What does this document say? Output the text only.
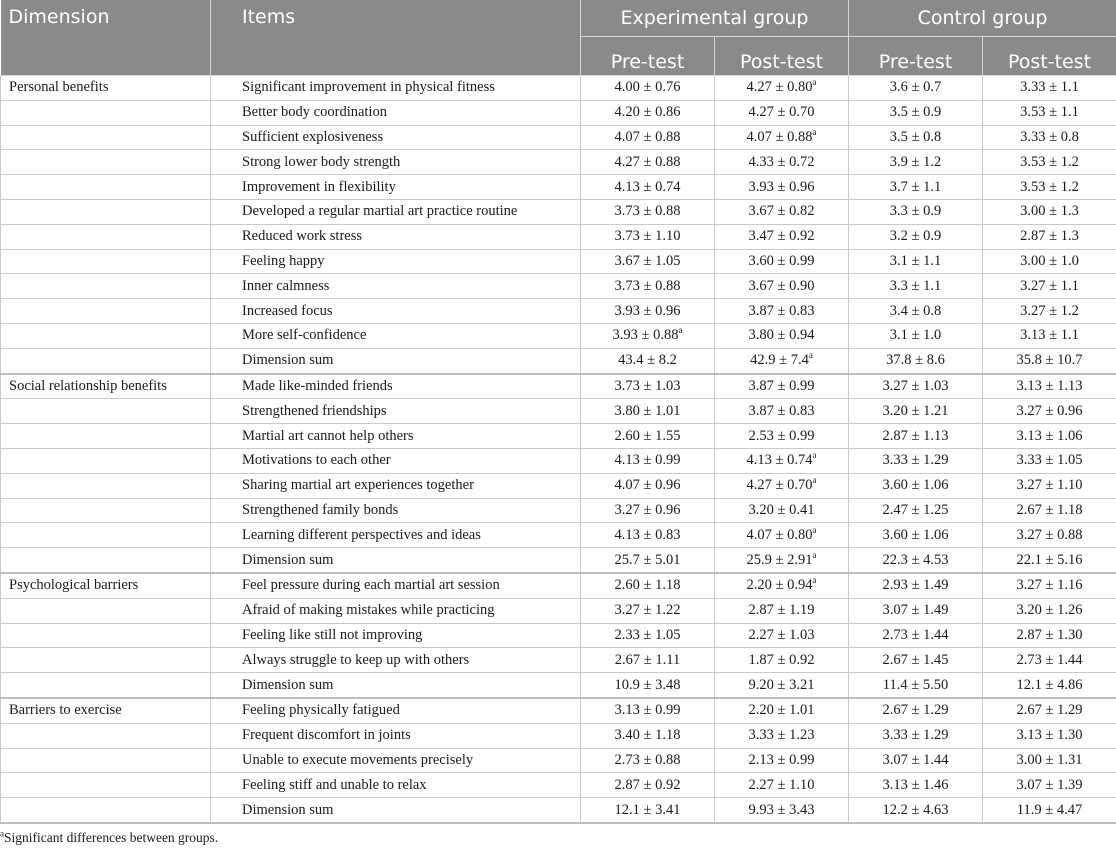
Dimension	Items	Experimental group		Control group	
		Pre-test	Post-test	Pre-test	Post-test
Personal benefits	Significant improvement in physical fitness	4.00 ± 0.76	4.27 ± 0.80$^a$	3.6 ± 0.7	3.33 ± 1.1
	Better body coordination	4.20 ± 0.86	4.27 ± 0.70	3.5 ± 0.9	3.53 ± 1.1
	Sufficient explosiveness	4.07 ± 0.88	4.07 ± 0.88$^a$	3.5 ± 0.8	3.33 ± 0.8
	Strong lower body strength	4.27 ± 0.88	4.33 ± 0.72	3.9 ± 1.2	3.53 ± 1.2
	Improvement in flexibility	4.13 ± 0.74	3.93 ± 0.96	3.7 ± 1.1	3.53 ± 1.2
	Developed a regular martial art practice routine	3.73 ± 0.88	3.67 ± 0.82	3.3 ± 0.9	3.00 ± 1.3
	Reduced work stress	3.73 ± 1.10	3.47 ± 0.92	3.2 ± 0.9	2.87 ± 1.3
	Feeling happy	3.67 ± 1.05	3.60 ± 0.99	3.1 ± 1.1	3.00 ± 1.0
	Inner calmness	3.73 ± 0.88	3.67 ± 0.90	3.3 ± 1.1	3.27 ± 1.1
	Increased focus	3.93 ± 0.96	3.87 ± 0.83	3.4 ± 0.8	3.27 ± 1.2
	More self-confidence	3.93 ± 0.88$^a$	3.80 ± 0.94	3.1 ± 1.0	3.13 ± 1.1
	Dimension sum	43.4 ± 8.2	42.9 ± 7.4$^a$	37.8 ± 8.6	35.8 ± 10.7
Social relationship benefits	Made like-minded friends	3.73 ± 1.03	3.87 ± 0.99	3.27 ± 1.03	3.13 ± 1.13
	Strengthened friendships	3.80 ± 1.01	3.87 ± 0.83	3.20 ± 1.21	3.27 ± 0.96
	Martial art cannot help others	2.60 ± 1.55	2.53 ± 0.99	2.87 ± 1.13	3.13 ± 1.06
	Motivations to each other	4.13 ± 0.99	4.13 ± 0.74$^a$	3.33 ± 1.29	3.33 ± 1.05
	Sharing martial art experiences together	4.07 ± 0.96	4.27 ± 0.70$^a$	3.60 ± 1.06	3.27 ± 1.10
	Strengthened family bonds	3.27 ± 0.96	3.20 ± 0.41	2.47 ± 1.25	2.67 ± 1.18
	Learning different perspectives and ideas	4.13 ± 0.83	4.07 ± 0.80$^a$	3.60 ± 1.06	3.27 ± 0.88
	Dimension sum	25.7 ± 5.01	25.9 ± 2.91$^a$	22.3 ± 4.53	22.1 ± 5.16
Psychological barriers	Feel pressure during each martial art session	2.60 ± 1.18	2.20 ± 0.94$^a$	2.93 ± 1.49	3.27 ± 1.16
	Afraid of making mistakes while practicing	3.27 ± 1.22	2.87 ± 1.19	3.07 ± 1.49	3.20 ± 1.26
	Feeling like still not improving	2.33 ± 1.05	2.27 ± 1.03	2.73 ± 1.44	2.87 ± 1.30
	Always struggle to keep up with others	2.67 ± 1.11	1.87 ± 0.92	2.67 ± 1.45	2.73 ± 1.44
	Dimension sum	10.9 ± 3.48	9.20 ± 3.21	11.4 ± 5.50	12.1 ± 4.86
Barriers to exercise	Feeling physically fatigued	3.13 ± 0.99	2.20 ± 1.01	2.67 ± 1.29	2.67 ± 1.29
	Frequent discomfort in joints	3.40 ± 1.18	3.33 ± 1.23	3.33 ± 1.29	3.13 ± 1.30
	Unable to execute movements precisely	2.73 ± 0.88	2.13 ± 0.99	3.07 ± 1.44	3.00 ± 1.31
	Feeling stiff and unable to relax	2.87 ± 0.92	2.27 ± 1.10	3.13 ± 1.46	3.07 ± 1.39
	Dimension sum	12.1 ± 3.41	9.93 ± 3.43	12.2 ± 4.63	11.9 ± 4.47
$^a$Significant differences between groups.
